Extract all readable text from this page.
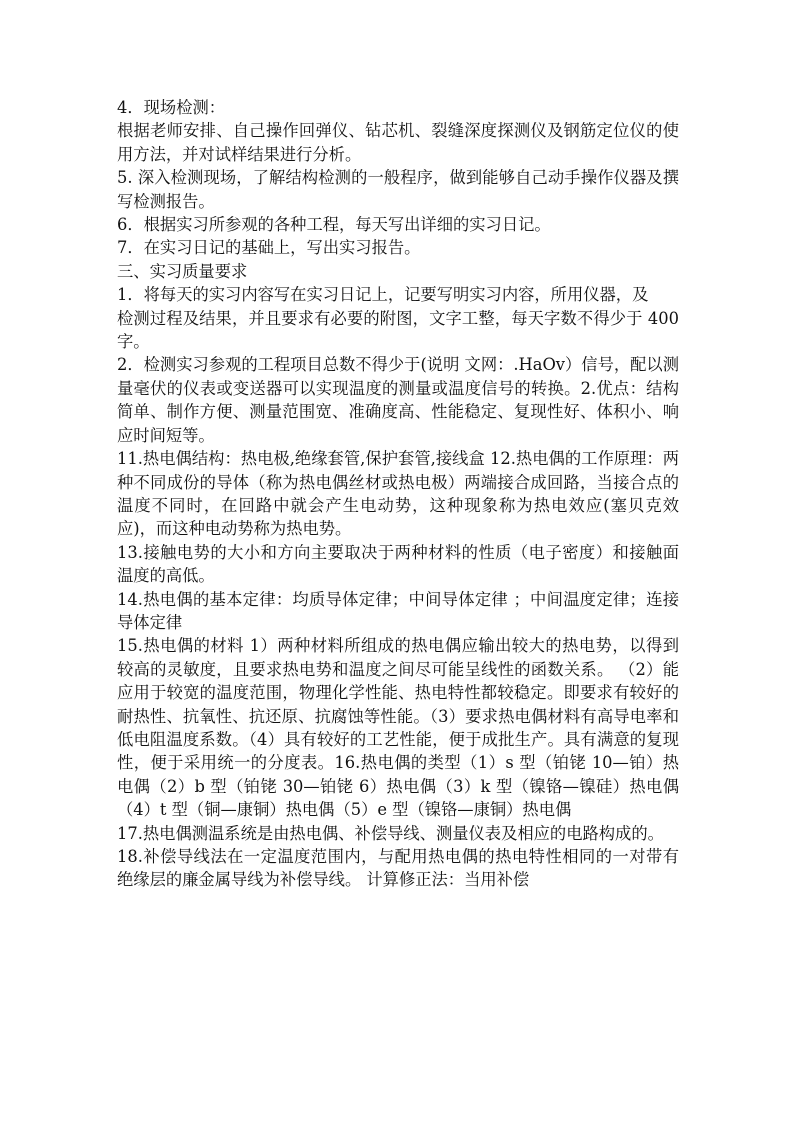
4．现场检测：

根据老师安排、自己操作回弹仪、钻芯机、裂缝深度探测仪及钢筋定位仪的使用方法，并对试样结果进行分析。

5. 深入检测现场，了解结构检测的一般程序，做到能够自己动手操作仪器及撰写检测报告。

6．根据实习所参观的各种工程，每天写出详细的实习日记。

7．在实习日记的基础上，写出实习报告。

三、实习质量要求

1．将每天的实习内容写在实习日记上，记要写明实习内容，所用仪器，及

检测过程及结果，并且要求有必要的附图，文字工整，每天字数不得少于 400 字。

2．检测实习参观的工程项目总数不得少于(说明 文网：.HaOv）信号，配以测量毫伏的仪表或变送器可以实现温度的测量或温度信号的转换。2.优点：结构简单、制作方便、测量范围宽、准确度高、性能稳定、复现性好、体积小、响应时间短等。

11.热电偶结构：热电极,绝缘套管,保护套管,接线盒 12.热电偶的工作原理：两种不同成份的导体（称为热电偶丝材或热电极）两端接合成回路，当接合点的温度不同时，在回路中就会产生电动势，这种现象称为热电效应(塞贝克效应)，而这种电动势称为热电势。

13.接触电势的大小和方向主要取决于两种材料的性质（电子密度）和接触面温度的高低。

14.热电偶的基本定律：均质导体定律；中间导体定律 ；中间温度定律；连接导体定律

15.热电偶的材料 1）两种材料所组成的热电偶应输出较大的热电势，以得到较高的灵敏度，且要求热电势和温度之间尽可能呈线性的函数关系。 （2）能应用于较宽的温度范围，物理化学性能、热电特性都较稳定。即要求有较好的耐热性、抗氧性、抗还原、抗腐蚀等性能。（3）要求热电偶材料有高导电率和低电阻温度系数。（4）具有较好的工艺性能，便于成批生产。具有满意的复现性，便于采用统一的分度表。16.热电偶的类型（1）s 型（铂铑 10—铂）热电偶（2）b 型（铂铑 30—铂铑 6）热电偶（3）k 型（镍铬—镍硅）热电偶 （4）t 型（铜—康铜）热电偶（5）e 型（镍铬—康铜）热电偶

17.热电偶测温系统是由热电偶、补偿导线、测量仪表及相应的电路构成的。

18.补偿导线法在一定温度范围内，与配用热电偶的热电特性相同的一对带有绝缘层的廉金属导线为补偿导线。 计算修正法：当用补偿
